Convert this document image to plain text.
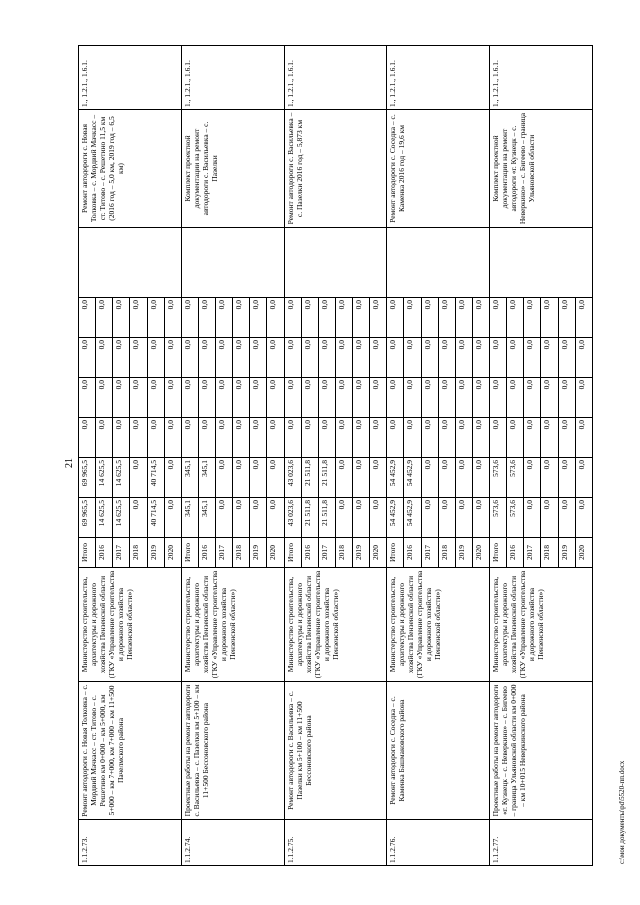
21
1.1.2.73.	Ремонт автодороги с. Новая Толковка – с. Мордвий Мачкасс – ст. Титово – с. Решетино км 0+000 – км 5+000, км 5+000 – км 7+000, км 7+000 – км 11+500 Пачелмского района	Министерство строительства, архитектуры и дорожного хозяйства Пензенской области (ГКУ «Управление строительства и дорожного хозяйства Пензенской области»)	Итого	69 965,5	69 965,5	0,0	0,0	0,0	0,0		Ремонт автодороги с. Новая Толковка – с. Мордвий Мачкасс – ст. Титово – с. Решетино 11,5 км (2016 год – 5,0 км, 2019 год – 6,5 км)	1., 1.2.1., 1.6.1.
			2016	14 625,5	14 625,5	0,0	0,0	0,0	0,0			
			2017	14 625,5	14 625,5	0,0	0,0	0,0	0,0			
			2018	0,0	0,0	0,0	0,0	0,0	0,0			
			2019	40 714,5	40 714,5	0,0	0,0	0,0	0,0			
			2020	0,0	0,0	0,0	0,0	0,0	0,0			
1.1.2.74.	Проектные работы на ремонт автодороги с. Васильевка – с. Пазелки км 5+100 – км 11+500 Бессоновского района	Министерство строительства, архитектуры и дорожного хозяйства Пензенской области (ГКУ «Управление строительства и дорожного хозяйства Пензенской области»)	Итого	345,1	345,1	0,0	0,0	0,0	0,0		Комплект проектной документации на ремонт автодороги с. Васильевка – с. Пазелки	1., 1.2.1., 1.6.1.
			2016	345,1	345,1	0,0	0,0	0,0	0,0			
			2017	0,0	0,0	0,0	0,0	0,0	0,0			
			2018	0,0	0,0	0,0	0,0	0,0	0,0			
			2019	0,0	0,0	0,0	0,0	0,0	0,0			
			2020	0,0	0,0	0,0	0,0	0,0	0,0			
1.1.2.75.	Ремонт автодороги с. Васильевка – с. Пазелки км 5+100 – км 11+500 Бессоновского района	Министерство строительства, архитектуры и дорожного хозяйства Пензенской области (ГКУ «Управление строительства и дорожного хозяйства Пензенской области»)	Итого	43 023,6	43 023,6	0,0	0,0	0,0	0,0		Ремонт автодороги с. Васильевка – с. Пазелки 2016 год – 5,873 км	1., 1.2.1., 1.6.1.
			2016	21 511,8	21 511,8	0,0	0,0	0,0	0,0			
			2017	21 511,8	21 511,8	0,0	0,0	0,0	0,0			
			2018	0,0	0,0	0,0	0,0	0,0	0,0			
			2019	0,0	0,0	0,0	0,0	0,0	0,0			
			2020	0,0	0,0	0,0	0,0	0,0	0,0			
1.1.2.76.	Ремонт автодороги с. Соседка – с. Каменка Башмаковского района	Министерство строительства, архитектуры и дорожного хозяйства Пензенской области (ГКУ «Управление строительства и дорожного хозяйства Пензенской области»)	Итого	54 452,9	54 452,9	0,0	0,0	0,0	0,0		Ремонт автодороги с. Соседка – с. Каменка 2016 год – 19,6 км	1., 1.2.1., 1.6.1.
			2016	54 452,9	54 452,9	0,0	0,0	0,0	0,0			
			2017	0,0	0,0	0,0	0,0	0,0	0,0			
			2018	0,0	0,0	0,0	0,0	0,0	0,0			
			2019	0,0	0,0	0,0	0,0	0,0	0,0			
			2020	0,0	0,0	0,0	0,0	0,0	0,0			
1.1.2.77.	Проектные работы на ремонт автодороги «г. Кузнецк – с. Неверкино» – с. Бигеево – граница Ульяновской области км 0+000 – км 10+015 Неверкинского района	Министерство строительства, архитектуры и дорожного хозяйства Пензенской области (ГКУ «Управление строительства и дорожного хозяйства Пензенской области»)	Итого	573,6	573,6	0,0	0,0	0,0	0,0		Комплект проектной документации на ремонт автодороги «г. Кузнецк – с. Неверкино» – с. Бигеево – граница Ульяновской области	1., 1.2.1., 1.6.1.
			2016	573,6	573,6	0,0	0,0	0,0	0,0			
			2017	0,0	0,0	0,0	0,0	0,0	0,0			
			2018	0,0	0,0	0,0	0,0	0,0	0,0			
			2019	0,0	0,0	0,0	0,0	0,0	0,0			
			2020	0,0	0,0	0,0	0,0	0,0	0,0			
c:\мои документы\pd\5520-пп.docx
